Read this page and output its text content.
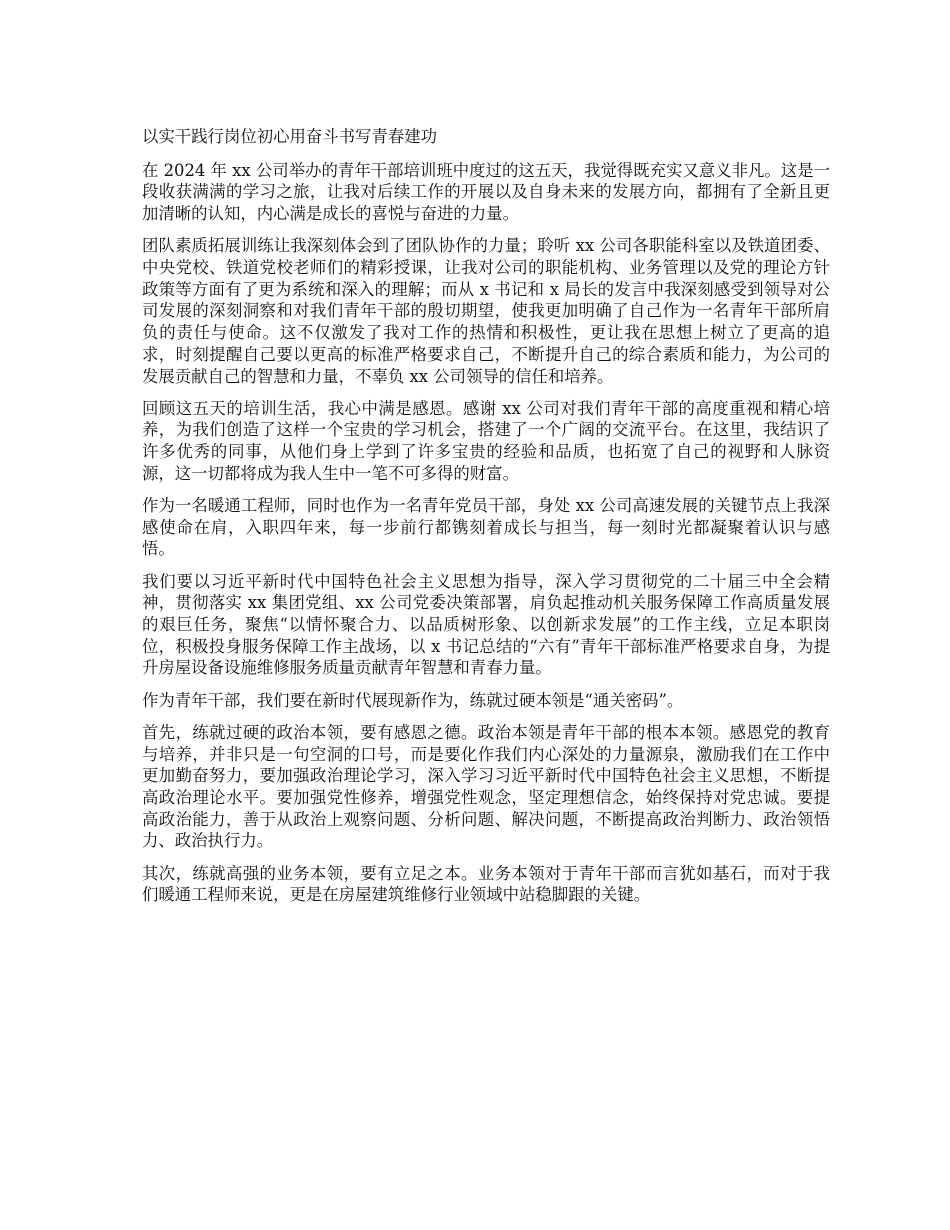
以实干践行岗位初心用奋斗书写青春建功

在 2024 年 xx 公司举办的青年干部培训班中度过的这五天，我觉得既充实又意义非凡。这是一段收获满满的学习之旅，让我对后续工作的开展以及自身未来的发展方向，都拥有了全新且更加清晰的认知，内心满是成长的喜悦与奋进的力量。

团队素质拓展训练让我深刻体会到了团队协作的力量；聆听 xx 公司各职能科室以及铁道团委、中央党校、铁道党校老师们的精彩授课，让我对公司的职能机构、业务管理以及党的理论方针政策等方面有了更为系统和深入的理解；而从 x 书记和 x 局长的发言中我深刻感受到领导对公司发展的深刻洞察和对我们青年干部的殷切期望，使我更加明确了自己作为一名青年干部所肩负的责任与使命。这不仅激发了我对工作的热情和积极性，更让我在思想上树立了更高的追求，时刻提醒自己要以更高的标准严格要求自己，不断提升自己的综合素质和能力，为公司的发展贡献自己的智慧和力量，不辜负 xx 公司领导的信任和培养。

回顾这五天的培训生活，我心中满是感恩。感谢 xx 公司对我们青年干部的高度重视和精心培养，为我们创造了这样一个宝贵的学习机会，搭建了一个广阔的交流平台。在这里，我结识了许多优秀的同事，从他们身上学到了许多宝贵的经验和品质，也拓宽了自己的视野和人脉资源，这一切都将成为我人生中一笔不可多得的财富。

作为一名暖通工程师，同时也作为一名青年党员干部，身处 xx 公司高速发展的关键节点上我深感使命在肩，入职四年来，每一步前行都镌刻着成长与担当，每一刻时光都凝聚着认识与感悟。

我们要以习近平新时代中国特色社会主义思想为指导，深入学习贯彻党的二十届三中全会精神，贯彻落实 xx 集团党组、xx 公司党委决策部署，肩负起推动机关服务保障工作高质量发展的艰巨任务，聚焦“以情怀聚合力、以品质树形象、以创新求发展”的工作主线，立足本职岗位，积极投身服务保障工作主战场，以 x 书记总结的“六有”青年干部标准严格要求自身，为提升房屋设备设施维修服务质量贡献青年智慧和青春力量。

作为青年干部，我们要在新时代展现新作为，练就过硬本领是“通关密码”。

首先，练就过硬的政治本领，要有感恩之德。政治本领是青年干部的根本本领。感恩党的教育与培养，并非只是一句空洞的口号，而是要化作我们内心深处的力量源泉，激励我们在工作中更加勤奋努力，要加强政治理论学习，深入学习习近平新时代中国特色社会主义思想，不断提高政治理论水平。要加强党性修养，增强党性观念，坚定理想信念，始终保持对党忠诚。要提高政治能力，善于从政治上观察问题、分析问题、解决问题，不断提高政治判断力、政治领悟力、政治执行力。

其次，练就高强的业务本领，要有立足之本。业务本领对于青年干部而言犹如基石，而对于我们暖通工程师来说，更是在房屋建筑维修行业领域中站稳脚跟的关键。
